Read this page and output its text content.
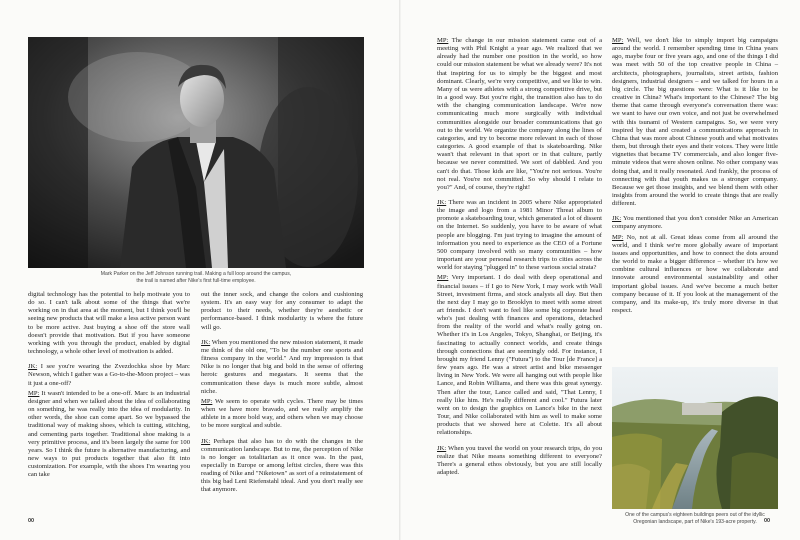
Mark Parker on the Jeff Johnson running trail. Making a full loop around the campus,
the trail is named after Nike's first full-time employee.

digital technology has the potential to help motivate you to do so. I can't talk about some of the things that we're working on in that area at the moment, but I think you'll be seeing new products that will make a less active person want to be more active. Just buying a shoe off the store wall doesn't provide that motivation. But if you have someone working with you through the product, enabled by digital technology, a whole other level of motivation is added.

JK: I see you're wearing the Zvezdochka shoe by Marc Newson, which I gather was a Go-to-the-Moon project – was it just a one-off?

MP: It wasn't intended to be a one-off. Marc is an industrial designer and when we talked about the idea of collaborating on something, he was really into the idea of modularity. In other words, the shoe can come apart. So we bypassed the traditional way of making shoes, which is cutting, stitching, and cementing parts together. Traditional shoe making is a very primitive process, and it's been largely the same for 100 years. So I think the future is alternative manufacturing, and new ways to put products together that also fit into customization. For example, with the shoes I'm wearing you can take

out the inner sock, and change the colors and cushioning system. It's an easy way for any consumer to adapt the product to their needs, whether they're aesthetic or performance-based. I think modularity is where the future will go.

JK: When you mentioned the new mission statement, it made me think of the old one, "To be the number one sports and fitness company in the world." And my impression is that Nike is no longer that big and bold in the sense of offering heroic gestures and megastars. It seems that the communication these days is much more subtle, almost niche.

MP: We seem to operate with cycles. There may be times when we have more bravado, and we really amplify the athlete in a more bold way, and others when we may choose to be more surgical and subtle.

JK: Perhaps that also has to do with the changes in the communication landscape. But to me, the perception of Nike is no longer as totalitarian as it once was. In the past, especially in Europe or among leftist circles, there was this reading of Nike and "Niketown" as sort of a reinstatement of this big bad Leni Riefenstahl ideal. And you don't really see that anymore.

00

MP: The change in our mission statement came out of a meeting with Phil Knight a year ago. We realized that we already had the number one position in the world, so how could our mission statement be what we already were? It's not that inspiring for us to simply be the biggest and most dominant. Clearly, we're very competitive, and we like to win. Many of us were athletes with a strong competitive drive, but in a good way. But you're right, the transition also has to do with the changing communication landscape. We're now communicating much more surgically with individual communities alongside our broader communications that go out to the world. We organize the company along the lines of categories, and try to become more relevant in each of those categories. A good example of that is skateboarding. Nike wasn't that relevant in that sport or in that culture, partly because we never committed. We sort of dabbled. And you can't do that. Those kids are like, "You're not serious. You're not real. You're not committed. So why should I relate to you?" And, of course, they're right!

JK: There was an incident in 2005 where Nike appropriated the image and logo from a 1981 Minor Threat album to promote a skateboarding tour, which generated a lot of dissent on the Internet. So suddenly, you have to be aware of what people are blogging. I'm just trying to imagine the amount of information you need to experience as the CEO of a Fortune 500 company involved with so many communities – how important are your personal research trips to cities across the world for staying "plugged in" to these various social strata?

MP: Very important. I do deal with deep operational and financial issues – if I go to New York, I may work with Wall Street, investment firms, and stock analysts all day. But then the next day I may go to Brooklyn to meet with some street art friends. I don't want to feel like some big corporate head who's just dealing with finances and operations, detached from the reality of the world and what's really going on. Whether it's in Los Angeles, Tokyo, Shanghai, or Beijing, it's fascinating to actually connect worlds, and create things through connections that are seemingly odd. For instance, I brought my friend Lenny ("Futura") to the Tour [de France] a few years ago. He was a street artist and bike messenger living in New York. We were all hanging out with people like Lance, and Robin Williams, and there was this great synergy. Then after the tour, Lance called and said, "That Lenny, I really like him. He's really different and cool." Futura later went on to design the graphics on Lance's bike in the next Tour, and Nike collaborated with him as well to make some products that we showed here at Colette. It's all about relationships.

JK: When you travel the world on your research trips, do you realize that Nike means something different to everyone? There's a general ethos obviously, but you are still locally adapted.

MP: Well, we don't like to simply import big campaigns around the world. I remember spending time in China years ago, maybe four or five years ago, and one of the things I did was meet with 50 of the top creative people in China – architects, photographers, journalists, street artists, fashion designers, industrial designers – and we talked for hours in a big circle. The big questions were: What is it like to be creative in China? What's important to the Chinese? The big theme that came through everyone's conversation there was: we want to have our own voice, and not just be overwhelmed with this tsunami of Western campaigns. So, we were very inspired by that and created a communications approach in China that was more about Chinese youth and what motivates them, but through their eyes and their voices. They were little vignettes that became TV commercials, and also longer five-minute videos that were shown online. No other company was doing that, and it really resonated. And frankly, the process of connecting with that youth makes us a stronger company. Because we get those insights, and we blend them with other insights from around the world to create things that are really different.

JK: You mentioned that you don't consider Nike an American company anymore.

MP: No, not at all. Great ideas come from all around the world, and I think we're more globally aware of important issues and opportunities, and how to connect the dots around the world to make a bigger difference – whether it's how we combine cultural influences or how we collaborate and innovate around environmental sustainability and other important global issues. And we've become a much better company because of it. If you look at the management of the company, and its make-up, it's truly more diverse in that respect.

One of the campus's eighteen buildings peers out of the idyllic
Oregonian landscape, part of Nike's 193-acre property.	00
